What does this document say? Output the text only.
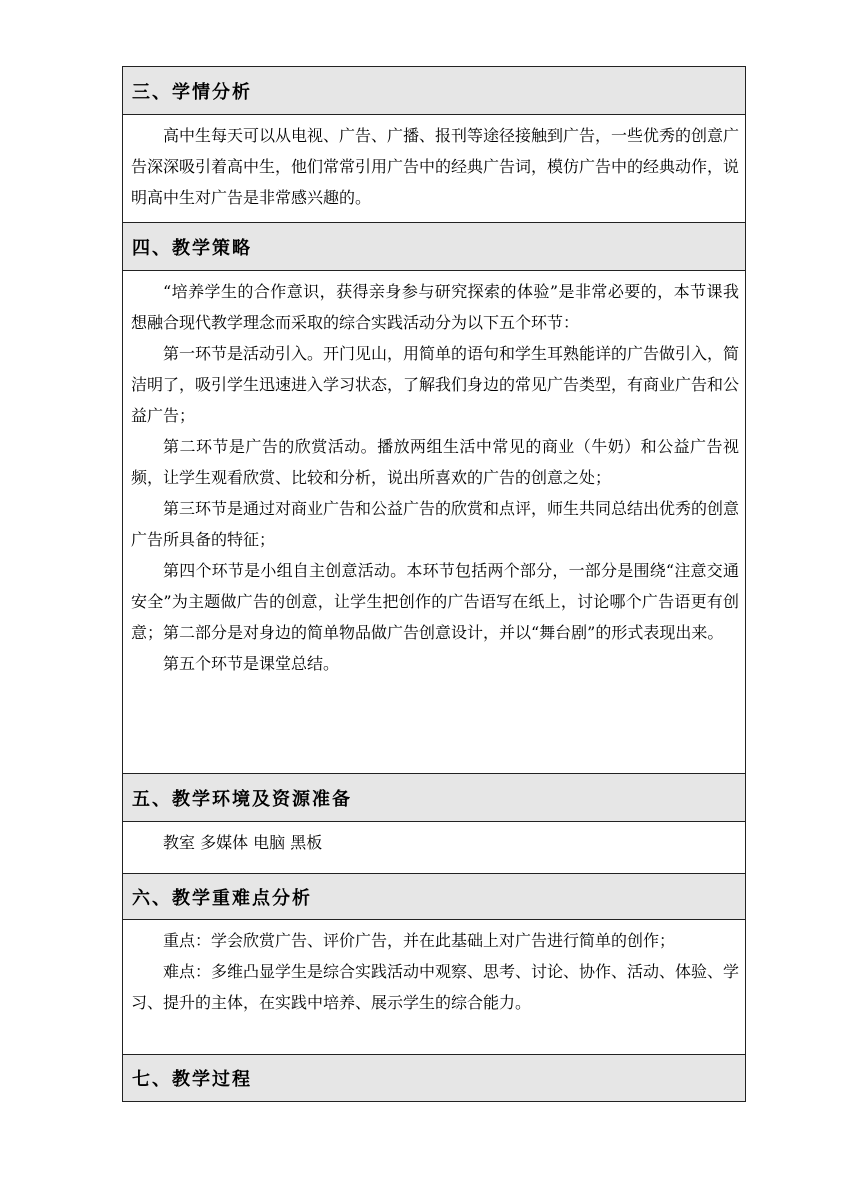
三、学情分析

高中生每天可以从电视、广告、广播、报刊等途径接触到广告，一些优秀的创意广告深深吸引着高中生，他们常常引用广告中的经典广告词，模仿广告中的经典动作，说明高中生对广告是非常感兴趣的。

四、教学策略

“培养学生的合作意识，获得亲身参与研究探索的体验”是非常必要的，本节课我想融合现代教学理念而采取的综合实践活动分为以下五个环节：

第一环节是活动引入。开门见山，用简单的语句和学生耳熟能详的广告做引入，简洁明了，吸引学生迅速进入学习状态，了解我们身边的常见广告类型，有商业广告和公益广告；

第二环节是广告的欣赏活动。播放两组生活中常见的商业（牛奶）和公益广告视频，让学生观看欣赏、比较和分析，说出所喜欢的广告的创意之处；

第三环节是通过对商业广告和公益广告的欣赏和点评，师生共同总结出优秀的创意广告所具备的特征；

第四个环节是小组自主创意活动。本环节包括两个部分，一部分是围绕“注意交通安全”为主题做广告的创意，让学生把创作的广告语写在纸上，讨论哪个广告语更有创意；第二部分是对身边的简单物品做广告创意设计，并以“舞台剧”的形式表现出来。

第五个环节是课堂总结。

五、教学环境及资源准备

教室 多媒体 电脑 黑板

六、教学重难点分析

重点：学会欣赏广告、评价广告，并在此基础上对广告进行简单的创作；

难点：多维凸显学生是综合实践活动中观察、思考、讨论、协作、活动、体验、学习、提升的主体，在实践中培养、展示学生的综合能力。

七、教学过程
